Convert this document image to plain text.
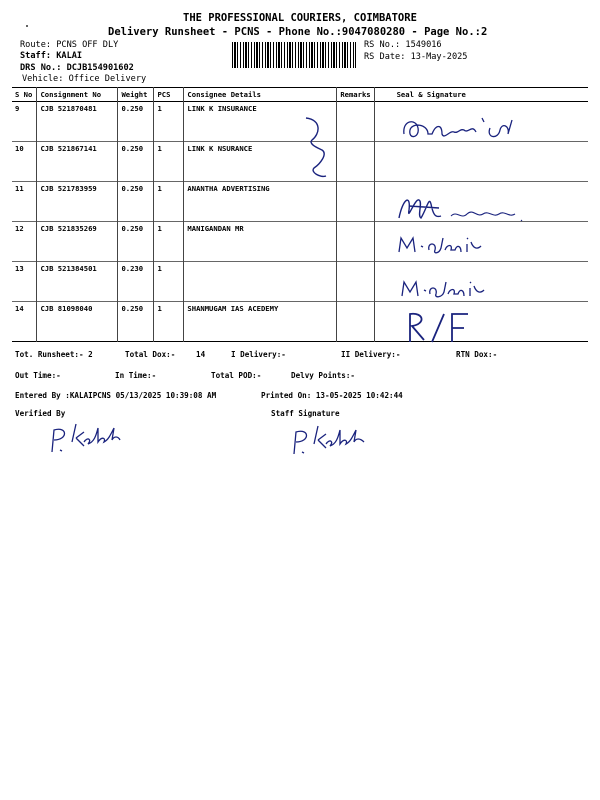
THE PROFESSIONAL COURIERS, COIMBATORE
Delivery Runsheet - PCNS - Phone No.:9047080280 - Page No.:2
Route: PCNS OFF DLY
Staff: KALAI
DRS No.: DCJB154901602
Vehicle: Office Delivery
RS No.: 1549016
RS Date: 13-May-2025
S No	Consignment No	Weight	PCS	Consignee Details	Remarks	Seal & Signature
9	CJB 521870481	0.250	1	LINK K INSURANCE		
10	CJB 521867141	0.250	1	LINK K NSURANCE		
11	CJB 521783959	0.250	1	ANANTHA ADVERTISING		
12	CJB 521835269	0.250	1	MANIGANDAN MR		
13	CJB 521384501	0.230	1			
14	CJB 81098040	0.250	1	SHANMUGAM IAS ACEDEMY		
Tot. Runsheet:- 2	Total Dox:-	14	I Delivery:-	II Delivery:-	RTN Dox:-
Out Time:-	In Time:-	Total POD:-	Delvy Points:-
Entered By :KALAIPCNS 05/13/2025 10:39:08 AM	Printed On: 13-05-2025 10:42:44
Verified By	Staff Signature
